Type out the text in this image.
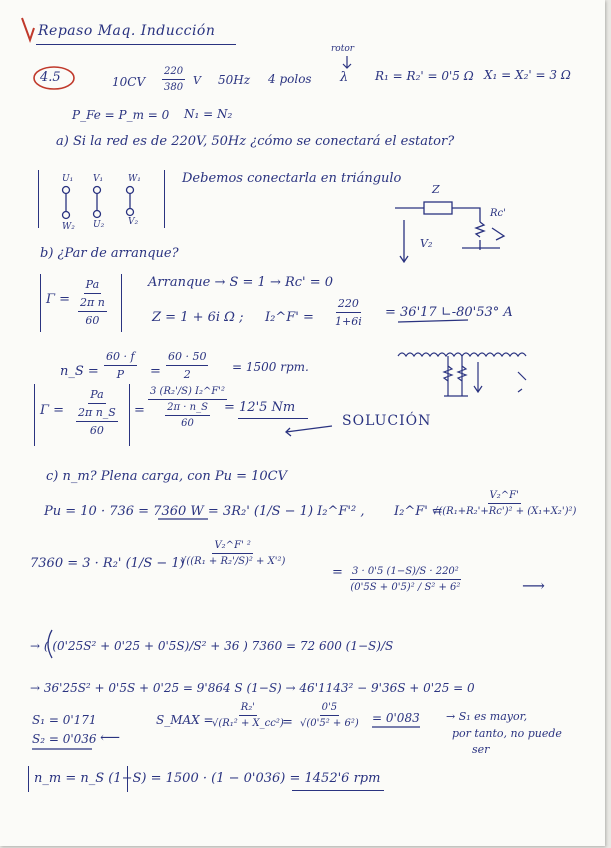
Repaso Maq. Inducción
4.5	$10CV \frac{220}{380}$ V 50Hz 4 polos
rotor
λ R₁ = R₂' = 0'5 Ω X₁ = X₂' = 3 Ω
P_Fe = P_m = 0 N₁ = N₂
a) Si la red es de 220V, 50Hz ¿cómo se conectará el estator?
U₁ V₁	W₁
W₂ U₂	V₂
Debemos conectarla en triángulo
Z
Rc'
V₂
b) ¿Par de arranque?
Γ =
Pa
2π n
60
Arranque → S = 1 → Rc' = 0
Z = 1 + 6i Ω ; I₂^F' = $\frac{220}{1+6i} = 36'17$ ∟-80'53° A
n_S = $\frac{60 \cdot f}{P} = \frac{60 \cdot 50}{2} = 1500$ rpm.
Γ =
Pa
2π n_S
60
=
3 (R₂'/S) I₂^F'²
2π · n_S
60
= 12'5 Nm
SOLUCIÓN
c) n_m? Plena carga, con Pu = 10CV
Pu = 10 · 736 = 7360 W = 3R₂' (1/S − 1) I₂^F'² , I₂^F' =
$\frac{\text{V₂\textasciicircum{}F'}}{\text{√((R₁+R₂'+Rc')² + (X₁+X₂')²)}}$
7360 = 3 · R₂' (1/S − 1)
$\frac{\text{V₂\textasciicircum{}F' ²}}{\text{√((R₁ + R₂'/S)² + X'²)}}$
= $\frac{\text{3 · 0'5 (1−S)/S · 220²}}{\text{(0'5S + 0'5)² / S² + 6²}}$	⟶
→ ( (0'25S² + 0'25 + 0'5S)/S² + 36 ) 7360 = 72 600 (1−S)/S
→ 36'25S² + 0'5S + 0'25 = 9'864 S (1−S) → 46'1143² − 9'36S + 0'25 = 0
S₁ = 0'171
S₂ = 0'036 ⟵
S_MAX =
$\frac{\text{R₂'}}{\text{√(R₁² + X\_cc²)}}$
= $\frac{0'5}{\text{√(0'5² + 6²)}} = 0'083 \to S_1$ es mayor,
por tanto, no puede
ser
n_m = n_S (1−S) = 1500 · (1 − 0'036) = 1452'6 rpm
